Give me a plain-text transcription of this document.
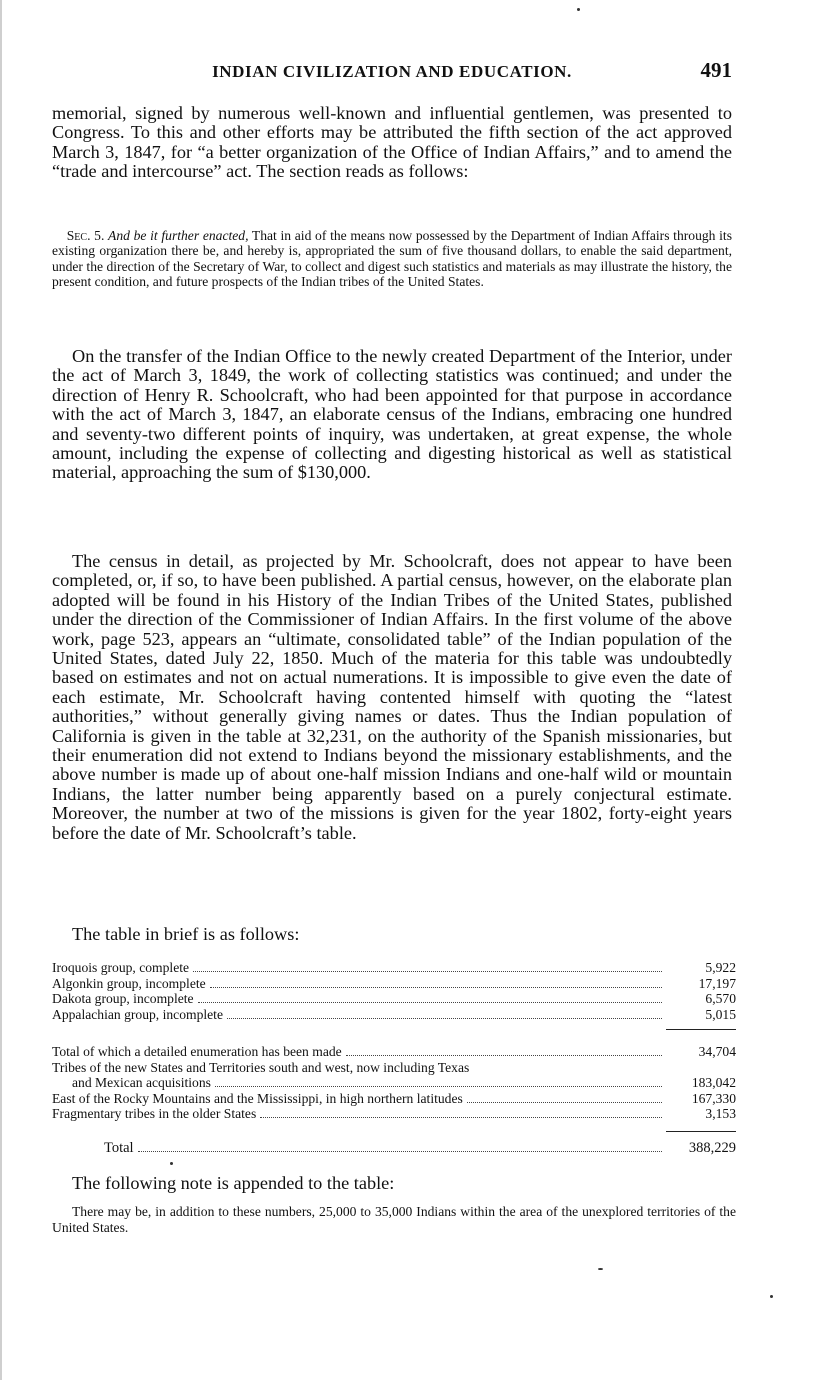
INDIAN CIVILIZATION AND EDUCATION.	491

memorial, signed by numerous well-known and influential gentlemen, was presented to Congress. To this and other efforts may be attributed the fifth section of the act approved March 3, 1847, for “a better organization of the Office of Indian Affairs,” and to amend the “trade and intercourse” act. The section reads as follows:

Sec. 5. And be it further enacted, That in aid of the means now possessed by the Department of Indian Affairs through its existing organization there be, and hereby is, appropriated the sum of five thousand dollars, to enable the said department, under the direction of the Secretary of War, to collect and digest such statistics and materials as may illustrate the history, the present condition, and future prospects of the Indian tribes of the United States.

On the transfer of the Indian Office to the newly created Department of the Interior, under the act of March 3, 1849, the work of collecting statistics was continued; and under the direction of Henry R. Schoolcraft, who had been appointed for that purpose in accordance with the act of March 3, 1847, an elaborate census of the Indians, embracing one hundred and seventy-two different points of inquiry, was undertaken, at great expense, the whole amount, including the expense of collecting and digesting historical as well as statistical material, approaching the sum of $130,000.

The census in detail, as projected by Mr. Schoolcraft, does not appear to have been completed, or, if so, to have been published. A partial census, however, on the elaborate plan adopted will be found in his History of the Indian Tribes of the United States, published under the direction of the Commissioner of Indian Affairs. In the first volume of the above work, page 523, appears an “ultimate, consolidated table” of the Indian population of the United States, dated July 22, 1850. Much of the materia for this table was undoubtedly based on estimates and not on actual numerations. It is impossible to give even the date of each estimate, Mr. Schoolcraft having contented himself with quoting the “latest authorities,” without generally giving names or dates. Thus the Indian population of California is given in the table at 32,231, on the authority of the Spanish missionaries, but their enumeration did not extend to Indians beyond the missionary establishments, and the above number is made up of about one-half mission Indians and one-half wild or mountain Indians, the latter number being apparently based on a purely conjectural estimate. Moreover, the number at two of the missions is given for the year 1802, forty-eight years before the date of Mr. Schoolcraft’s table.

The table in brief is as follows:
Iroquois group, complete	5,922
Algonkin group, incomplete	17,197
Dakota group, incomplete	6,570
Appalachian group, incomplete	5,015
Total of which a detailed enumeration has been made	34,704
Tribes of the new States and Territories south and west, now including Texas
and Mexican acquisitions	183,042
East of the Rocky Mountains and the Mississippi, in high northern latitudes	167,330
Fragmentary tribes in the older States	3,153
Total	388,229
The following note is appended to the table:
There may be, in addition to these numbers, 25,000 to 35,000 Indians within the area of the unexplored territories of the United States.
